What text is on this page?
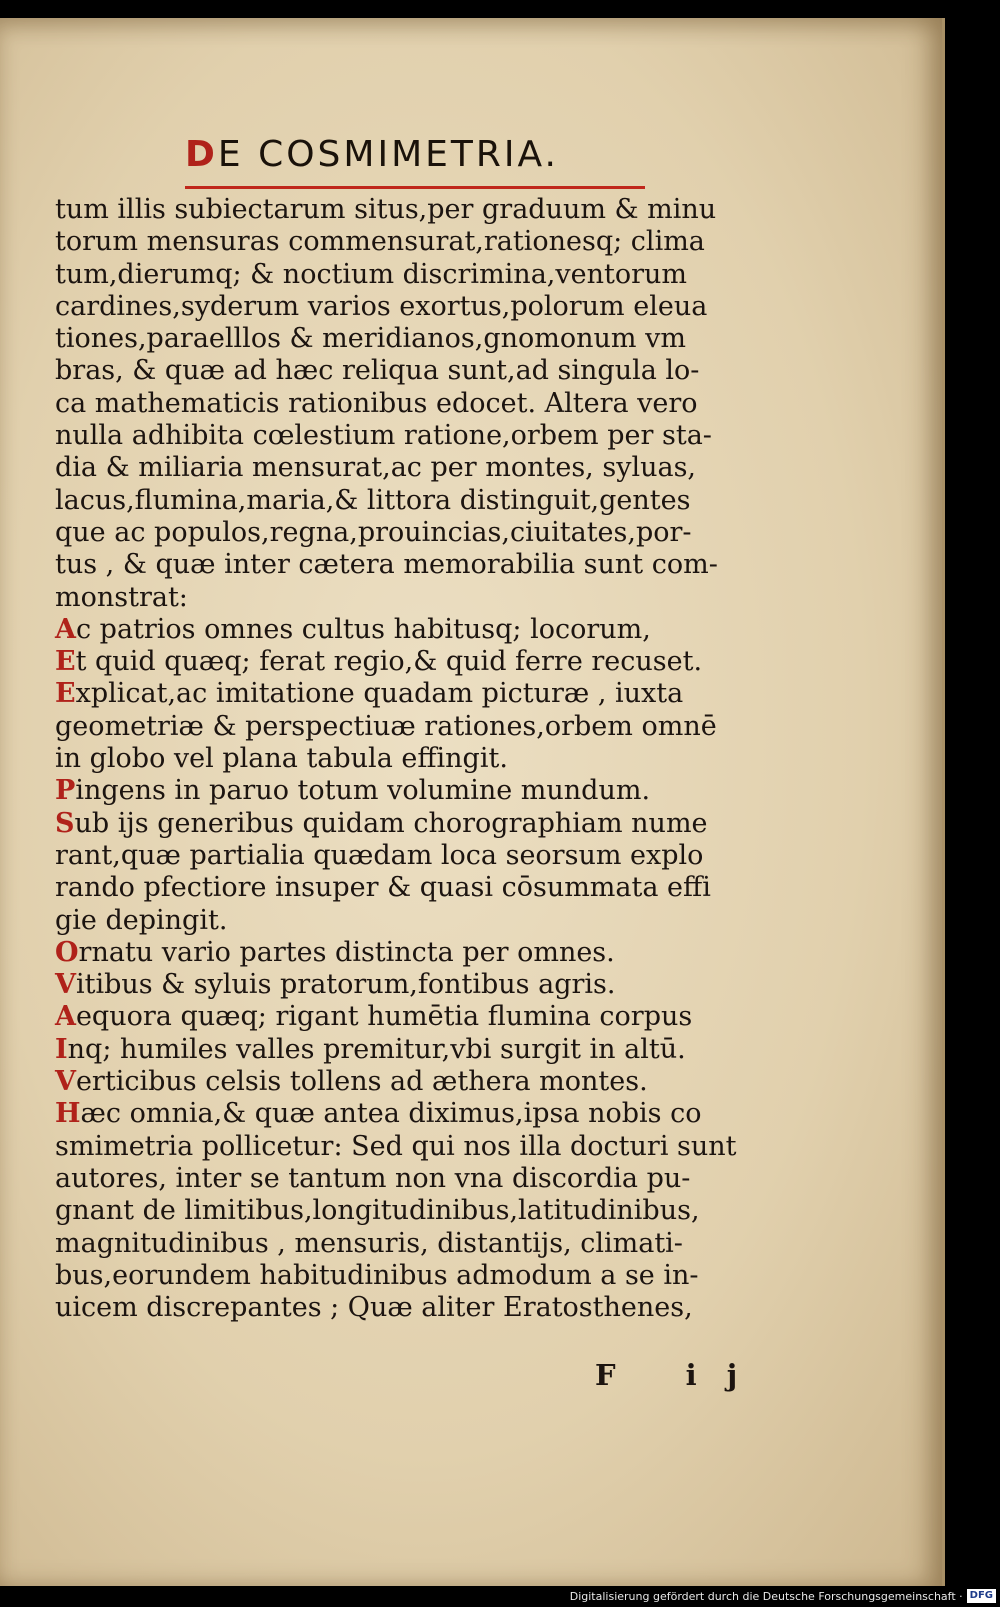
DE COSMIMETRIA.
tum illis subiectarum situs,per graduum & minu
torum mensuras commensurat,rationesq; clima
tum,dierumq; & noctium discrimina,ventorum
cardines,syderum varios exortus,polorum eleua
tiones,paraelllos & meridianos,gnomonum vm
bras, & quæ ad hæc reliqua sunt,ad singula lo-
ca mathematicis rationibus edocet. Altera vero
nulla adhibita cœlestium ratione,orbem per sta-
dia & miliaria mensurat,ac per montes, syluas,
lacus,flumina,maria,& littora distinguit,gentes
que ac populos,regna,prouincias,ciuitates,por-
tus , & quæ inter cætera memorabilia sunt com-
monstrat:
Ac patrios omnes cultus habitusq; locorum,
Et quid quæq; ferat regio,& quid ferre recuset.
Explicat,ac imitatione quadam picturæ , iuxta
geometriæ & perspectiuæ rationes,orbem omnē
in globo vel plana tabula effingit.
Pingens in paruo totum volumine mundum.
Sub ijs generibus quidam chorographiam nume
rant,quæ partialia quædam loca seorsum explo
rando pfectiore insuper & quasi cōsummata effi
gie depingit.
Ornatu vario partes distincta per omnes.
Vitibus & syluis pratorum,fontibus agris.
Aequora quæq; rigant humētia flumina corpus
Inq; humiles valles premitur,vbi surgit in altū.
Verticibus celsis tollens ad æthera montes.
Hæc omnia,& quæ antea diximus,ipsa nobis co
smimetria pollicetur: Sed qui nos illa docturi sunt
autores, inter se tantum non vna discordia pu-
gnant de limitibus,longitudinibus,latitudinibus,
magnitudinibus , mensuris, distantijs, climati-
bus,eorundem habitudinibus admodum a se in-
uicem discrepantes ; Quæ aliter Eratosthenes,
F ij
Digitalisierung gefördert durch die Deutsche Forschungsgemeinschaft · DFG
